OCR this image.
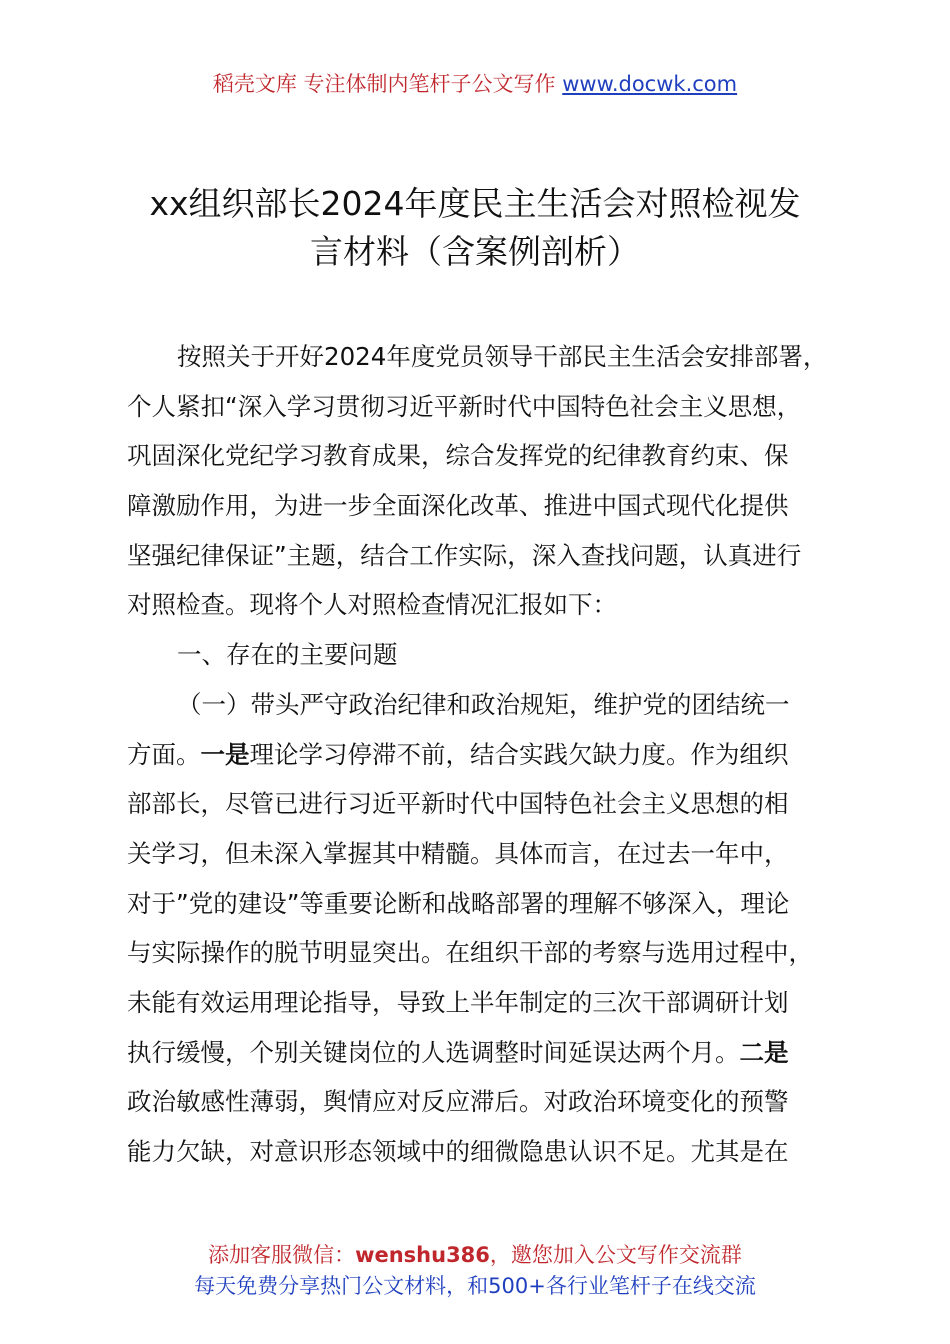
稻壳文库 专注体制内笔杆子公文写作 www.docwk.com
xx组织部长2024年度民主生活会对照检视发
言材料（含案例剖析）
按照关于开好2024年度党员领导干部民主生活会安排部署，
个人紧扣“深入学习贯彻习近平新时代中国特色社会主义思想，
巩固深化党纪学习教育成果，综合发挥党的纪律教育约束、保
障激励作用，为进一步全面深化改革、推进中国式现代化提供
坚强纪律保证”主题，结合工作实际，深入查找问题，认真进行
对照检查。现将个人对照检查情况汇报如下：
一、存在的主要问题
（一）带头严守政治纪律和政治规矩，维护党的团结统一
方面。一是理论学习停滞不前，结合实践欠缺力度。作为组织
部部长，尽管已进行习近平新时代中国特色社会主义思想的相
关学习，但未深入掌握其中精髓。具体而言，在过去一年中，
对于”党的建设”等重要论断和战略部署的理解不够深入，理论
与实际操作的脱节明显突出。在组织干部的考察与选用过程中，
未能有效运用理论指导，导致上半年制定的三次干部调研计划
执行缓慢，个别关键岗位的人选调整时间延误达两个月。二是
政治敏感性薄弱，舆情应对反应滞后。对政治环境变化的预警
能力欠缺，对意识形态领域中的细微隐患认识不足。尤其是在
添加客服微信：wenshu386，邀您加入公文写作交流群
每天免费分享热门公文材料，和500+各行业笔杆子在线交流
